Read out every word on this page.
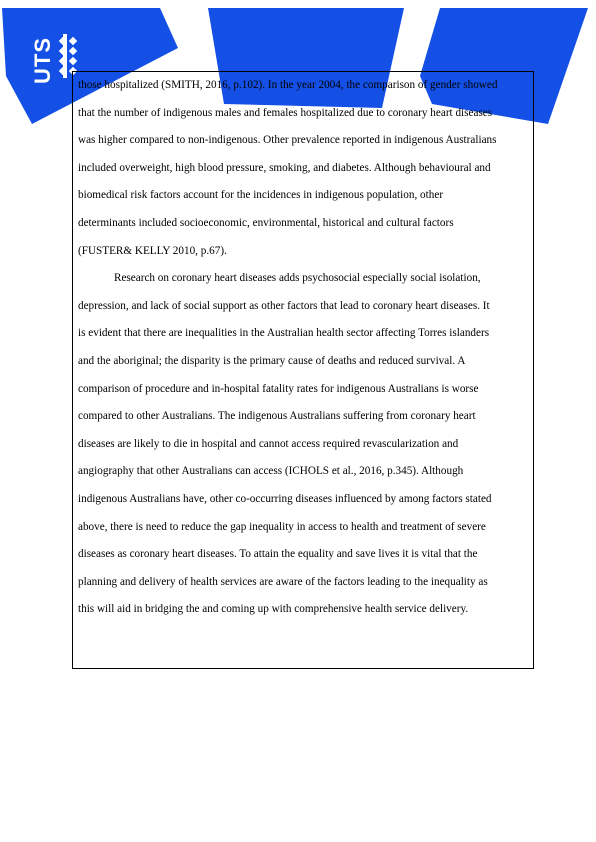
UTS

those hospitalized (SMITH, 2016, p.102). In the year 2004, the comparison of gender showed
that the number of indigenous males and females hospitalized due to coronary heart diseases
was higher compared to non-indigenous. Other prevalence reported in indigenous Australians
included overweight, high blood pressure, smoking, and diabetes. Although behavioural and
biomedical risk factors account for the incidences in indigenous population, other
determinants included socioeconomic, environmental, historical and cultural factors
(FUSTER& KELLY 2010, p.67).

Research on coronary heart diseases adds psychosocial especially social isolation,
depression, and lack of social support as other factors that lead to coronary heart diseases. It
is evident that there are inequalities in the Australian health sector affecting Torres islanders
and the aboriginal; the disparity is the primary cause of deaths and reduced survival. A
comparison of procedure and in-hospital fatality rates for indigenous Australians is worse
compared to other Australians. The indigenous Australians suffering from coronary heart
diseases are likely to die in hospital and cannot access required revascularization and
angiography that other Australians can access (ICHOLS et al., 2016, p.345). Although
indigenous Australians have, other co-occurring diseases influenced by among factors stated
above, there is need to reduce the gap inequality in access to health and treatment of severe
diseases as coronary heart diseases. To attain the equality and save lives it is vital that the
planning and delivery of health services are aware of the factors leading to the inequality as
this will aid in bridging the and coming up with comprehensive health service delivery.
